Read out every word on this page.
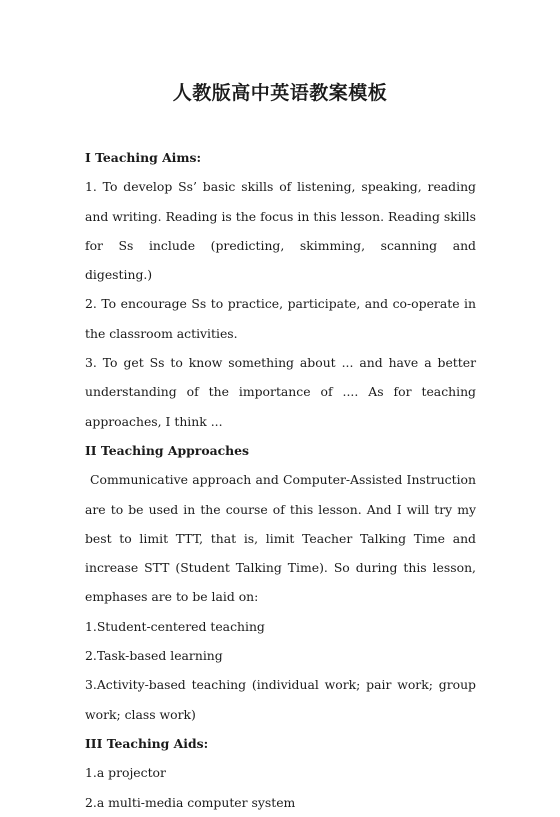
人教版高中英语教案模板

I Teaching Aims:

1. To develop Ss’ basic skills of listening, speaking, reading and writing. Reading is the focus in this lesson. Reading skills for Ss include (predicting, skimming, scanning and digesting.)

2. To encourage Ss to practice, participate, and co-operate in the classroom activities.

3. To get Ss to know something about ... and have a better understanding of the importance of .... As for teaching approaches, I think ...

II Teaching Approaches

Communicative approach and Computer-Assisted Instruction are to be used in the course of this lesson. And I will try my best to limit TTT, that is, limit Teacher Talking Time and increase STT (Student Talking Time). So during this lesson, emphases are to be laid on:

1.Student-centered teaching

2.Task-based learning

3.Activity-based teaching (individual work; pair work; group work; class work)

III Teaching Aids:

1.a projector

2.a multi-media computer system
